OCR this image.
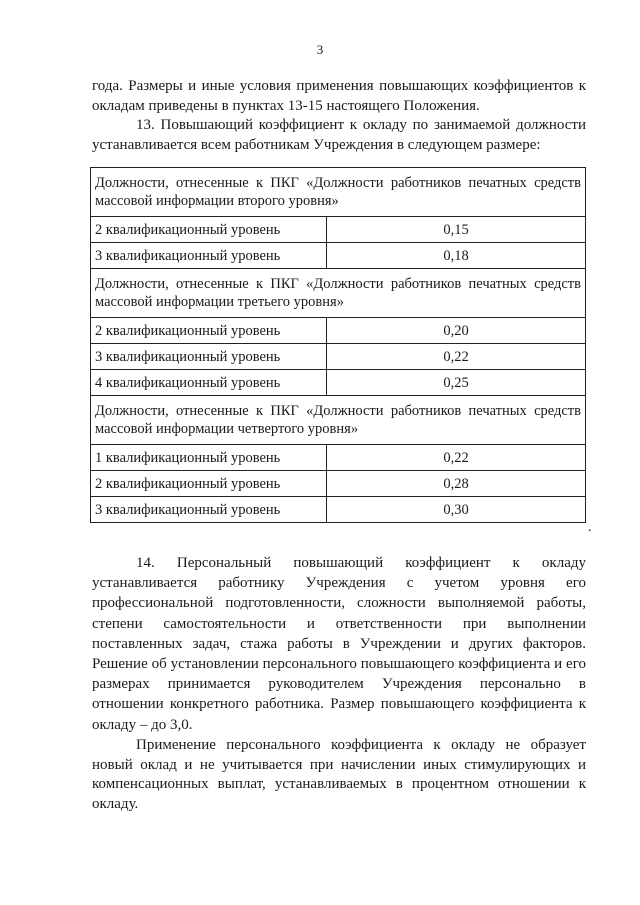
3

года. Размеры и иные условия применения повышающих коэффициентов к окладам приведены в пунктах 13-15 настоящего Положения.

13. Повышающий коэффициент к окладу по занимаемой должности устанавливается всем работникам Учреждения в следующем размере:

Должности, отнесенные к ПКГ «Должности работников печатных средств массовой информации второго уровня»	
2 квалификационный уровень	0,15
3 квалификационный уровень	0,18
Должности, отнесенные к ПКГ «Должности работников печатных средств массовой информации третьего уровня»	
2 квалификационный уровень	0,20
3 квалификационный уровень	0,22
4 квалификационный уровень	0,25
Должности, отнесенные к ПКГ «Должности работников печатных средств массовой информации четвертого уровня»	
1 квалификационный уровень	0,22
2 квалификационный уровень	0,28
3 квалификационный уровень	0,30
.

14. Персональный повышающий коэффициент к окладу устанавливается работнику Учреждения с учетом уровня его профессиональной подготовленности, сложности выполняемой работы, степени самостоятельности и ответственности при выполнении поставленных задач, стажа работы в Учреждении и других факторов. Решение об установлении персонального повышающего коэффициента и его размерах принимается руководителем Учреждения персонально в отношении конкретного работника. Размер повышающего коэффициента к окладу – до 3,0.

Применение персонального коэффициента к окладу не образует новый оклад и не учитывается при начислении иных стимулирующих и компенсационных выплат, устанавливаемых в процентном отношении к окладу.
